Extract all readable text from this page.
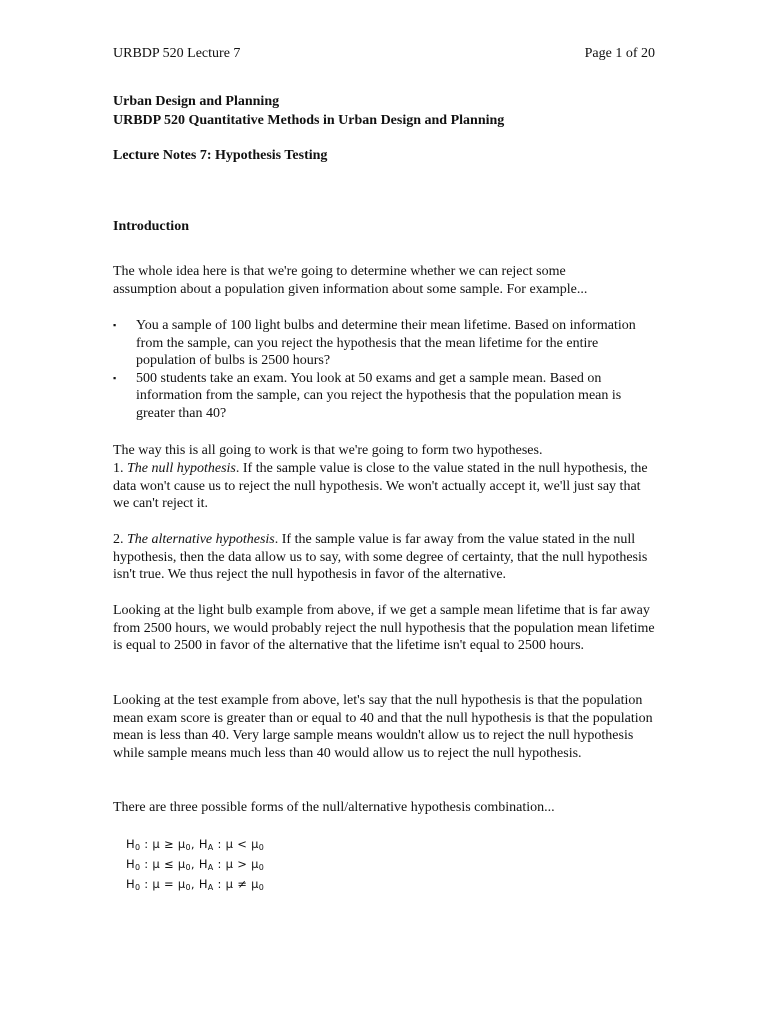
URBDP 520 Lecture 7	Page 1 of 20
Urban Design and Planning
URBDP 520 Quantitative Methods in Urban Design and Planning
Lecture Notes 7: Hypothesis Testing
Introduction
The whole idea here is that we're going to determine whether we can reject some assumption about a population given information about some sample. For example...
▪ You a sample of 100 light bulbs and determine their mean lifetime. Based on information from the sample, can you reject the hypothesis that the mean lifetime for the entire population of bulbs is 2500 hours?
▪ 500 students take an exam. You look at 50 exams and get a sample mean. Based on information from the sample, can you reject the hypothesis that the population mean is greater than 40?
The way this is all going to work is that we're going to form two hypotheses.
1. The null hypothesis. If the sample value is close to the value stated in the null hypothesis, the data won't cause us to reject the null hypothesis. We won't actually accept it, we'll just say that we can't reject it.
2. The alternative hypothesis. If the sample value is far away from the value stated in the null hypothesis, then the data allow us to say, with some degree of certainty, that the null hypothesis isn't true. We thus reject the null hypothesis in favor of the alternative.
Looking at the light bulb example from above, if we get a sample mean lifetime that is far away from 2500 hours, we would probably reject the null hypothesis that the population mean lifetime is equal to 2500 in favor of the alternative that the lifetime isn't equal to 2500 hours.
Looking at the test example from above, let's say that the null hypothesis is that the population mean exam score is greater than or equal to 40 and that the null hypothesis is that the population mean is less than 40. Very large sample means wouldn't allow us to reject the null hypothesis while sample means much less than 40 would allow us to reject the null hypothesis.
There are three possible forms of the null/alternative hypothesis combination...
$H_0$ : $\mu \ge \mu_0$, $H_A$ : $\mu < \mu_0$
$H_0$ : $\mu \le \mu_0$, $H_A$ : $\mu > \mu_0$
$H_0$ : $\mu = \mu_0$, $H_A$ : $\mu \ne \mu_0$
